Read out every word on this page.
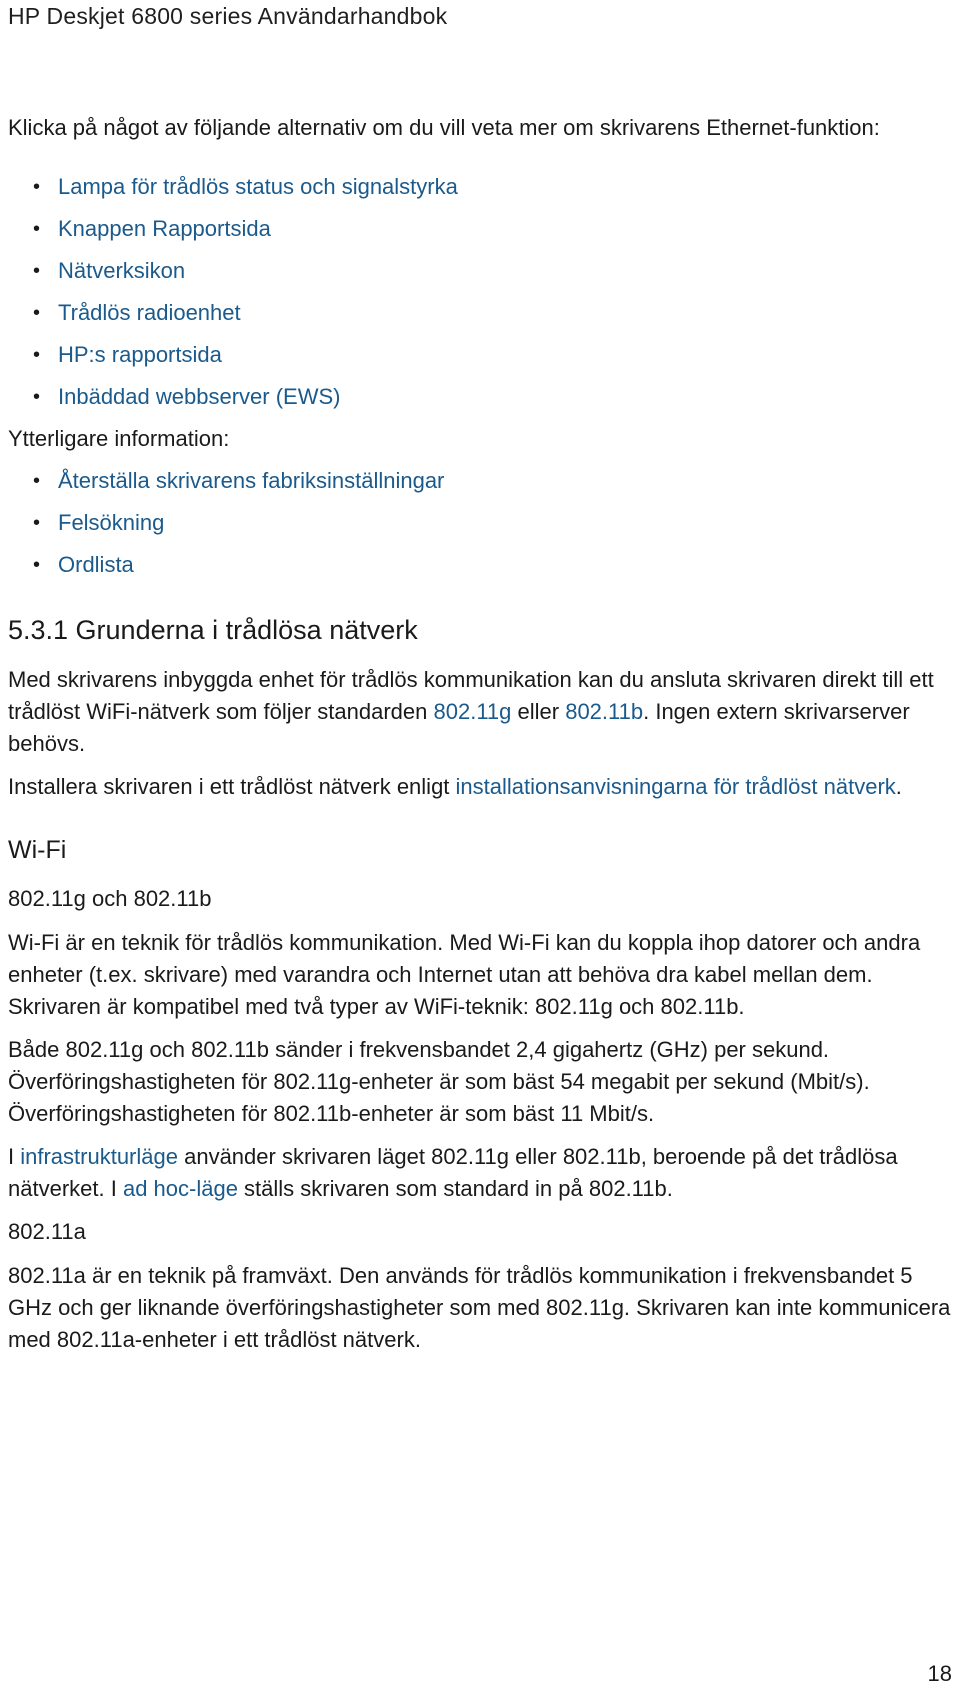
HP Deskjet 6800 series Användarhandbok

Klicka på något av följande alternativ om du vill veta mer om skrivarens Ethernet-funktion:

• Lampa för trådlös status och signalstyrka
• Knappen Rapportsida
• Nätverksikon
• Trådlös radioenhet
• HP:s rapportsida
• Inbäddad webbserver (EWS)
Ytterligare information:
• Återställa skrivarens fabriksinställningar
• Felsökning
• Ordlista
5.3.1 Grunderna i trådlösa nätverk

Med skrivarens inbyggda enhet för trådlös kommunikation kan du ansluta skrivaren direkt till ett trådlöst WiFi-nätverk som följer standarden 802.11g eller 802.11b. Ingen extern skrivarserver behövs.

Installera skrivaren i ett trådlöst nätverk enligt installationsanvisningarna för trådlöst nätverk.

Wi-Fi
802.11g och 802.11b

Wi-Fi är en teknik för trådlös kommunikation. Med Wi-Fi kan du koppla ihop datorer och andra enheter (t.ex. skrivare) med varandra och Internet utan att behöva dra kabel mellan dem. Skrivaren är kompatibel med två typer av WiFi-teknik: 802.11g och 802.11b.

Både 802.11g och 802.11b sänder i frekvensbandet 2,4 gigahertz (GHz) per sekund. Överföringshastigheten för 802.11g-enheter är som bäst 54 megabit per sekund (Mbit/s). Överföringshastigheten för 802.11b-enheter är som bäst 11 Mbit/s.

I infrastrukturläge använder skrivaren läget 802.11g eller 802.11b, beroende på det trådlösa nätverket. I ad hoc-läge ställs skrivaren som standard in på 802.11b.

802.11a

802.11a är en teknik på framväxt. Den används för trådlös kommunikation i frekvensbandet 5 GHz och ger liknande överföringshastigheter som med 802.11g. Skrivaren kan inte kommunicera med 802.11a-enheter i ett trådlöst nätverk.

18
